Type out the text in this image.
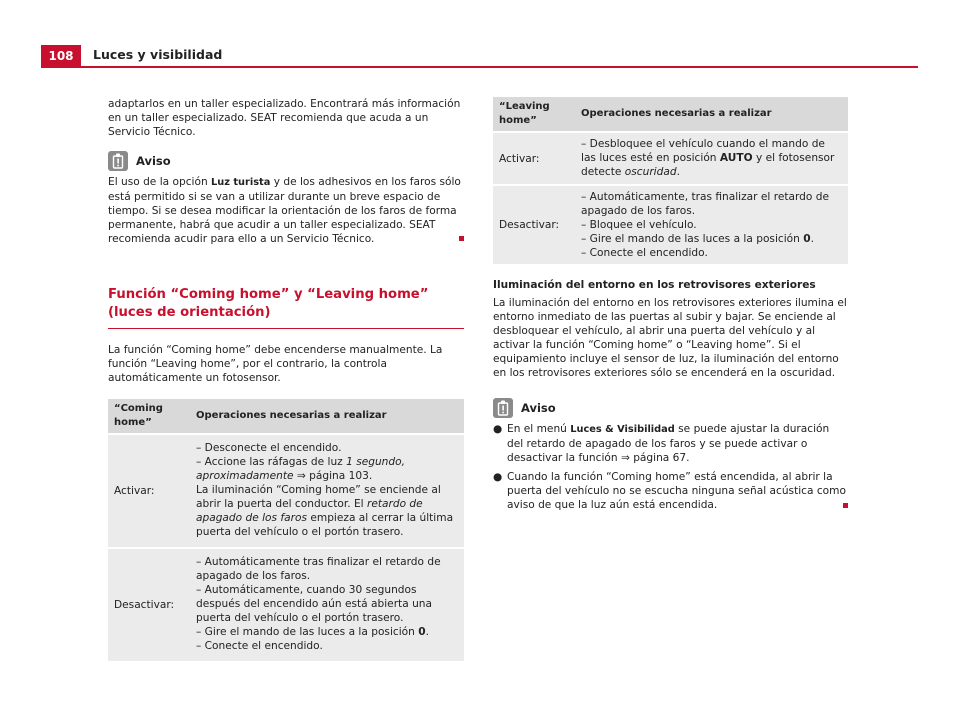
108	Luces y visibilidad

adaptarlos en un taller especializado. Encontrará más información en un taller especializado. SEAT recomienda que acuda a un Servicio Técnico.

Aviso

El uso de la opción Luz turista y de los adhesivos en los faros sólo está permitido si se van a utilizar durante un breve espacio de tiempo. Si se desea modificar la orientación de los faros de forma permanente, habrá que acudir a un taller especializado. SEAT recomienda acudir para ello a un Servicio Técnico.

Función “Coming home” y “Leaving home” (luces de orientación)

La función “Coming home” debe encenderse manualmente. La función “Leaving home”, por el contrario, la controla automáticamente un fotosensor.

“Coming home”	Operaciones necesarias a realizar
Activar:	– Desconecte el encendido.
– Accione las ráfagas de luz 1 segundo, aproximadamente ⇒ página 103.
La iluminación “Coming home” se enciende al abrir la puerta del conductor. El retardo de apagado de los faros empieza al cerrar la última puerta del vehículo o el portón trasero.

Desactivar:	– Automáticamente tras finalizar el retardo de apagado de los faros.
– Automáticamente, cuando 30 segundos después del encendido aún está abierta una puerta del vehículo o el portón trasero.
– Gire el mando de las luces a la posición 0.
– Conecte el encendido.
“Leaving home”	Operaciones necesarias a realizar
Activar:	– Desbloquee el vehículo cuando el mando de las luces esté en posición AUTO y el fotosensor detecte oscuridad.
Desactivar:	– Automáticamente, tras finalizar el retardo de apagado de los faros.
– Bloquee el vehículo.
– Gire el mando de las luces a la posición 0.
– Conecte el encendido.

Iluminación del entorno en los retrovisores exteriores

La iluminación del entorno en los retrovisores exteriores ilumina el entorno inmediato de las puertas al subir y bajar. Se enciende al desbloquear el vehículo, al abrir una puerta del vehículo y al activar la función “Coming home” o “Leaving home”. Si el equipamiento incluye el sensor de luz, la iluminación del entorno en los retrovisores exteriores sólo se encenderá en la oscuridad.

Aviso
● En el menú Luces & Visibilidad se puede ajustar la duración del retardo de apagado de los faros y se puede activar o desactivar la función ⇒ página 67.

● Cuando la función “Coming home” está encendida, al abrir la puerta del vehículo no se escucha ninguna señal acústica como aviso de que la luz aún está encendida.
